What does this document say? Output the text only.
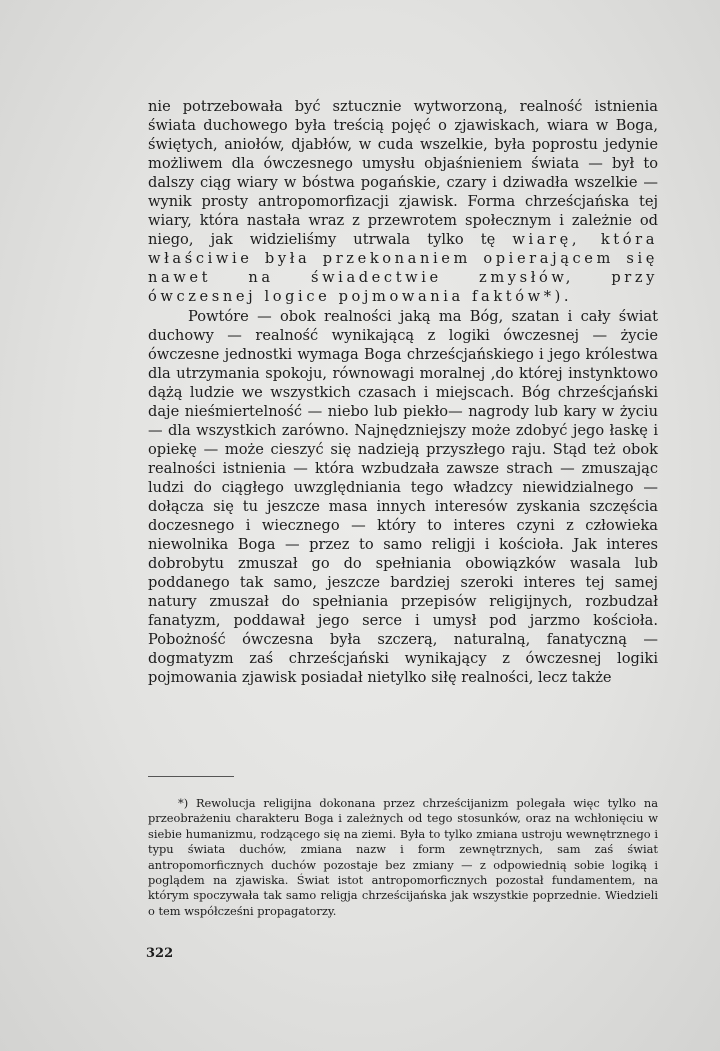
nie potrzebowała być sztucznie wytworzoną, realność istnienia świata duchowego była treścią pojęć o zjawiskach, wiara w Boga, świętych, aniołów, djabłów, w cuda wszelkie, była poprostu jedynie możliwem dla ówczesnego umysłu objaśnieniem świata — był to dalszy ciąg wiary w bóstwa pogańskie, czary i dziwadła wszelkie — wynik prosty antropomorfizacji zjawisk. Forma chrześcjańska tej wiary, która nastała wraz z przewrotem społecznym i zależnie od niego, jak widzieliśmy utrwala tylko tę wiarę, która właściwie była przekonaniem opierającem się nawet na świadectwie zmysłów, przy ówczesnej logice pojmowania faktów*).

Powtóre — obok realności jaką ma Bóg, szatan i cały świat duchowy — realność wynikającą z logiki ówczesnej — życie ówczesne jednostki wymaga Boga chrześcjańskiego i jego królestwa dla utrzymania spokoju, równowagi moralnej ,do której instynktowo dążą ludzie we wszystkich czasach i miejscach. Bóg chrześcjański daje nieśmiertelność — niebo lub piekło— nagrody lub kary w życiu — dla wszystkich zarówno. Najnędzniejszy może zdobyć jego łaskę i opiekę — może cieszyć się nadzieją przyszłego raju. Stąd też obok realności istnienia — która wzbudzała zawsze strach — zmuszając ludzi do ciągłego uwzględniania tego władzcy niewidzialnego — dołącza się tu jeszcze masa innych interesów zyskania szczęścia doczesnego i wiecznego — który to interes czyni z człowieka niewolnika Boga — przez to samo religji i kościoła. Jak interes dobrobytu zmuszał go do spełniania obowiązków wasala lub poddanego tak samo, jeszcze bardziej szeroki interes tej samej natury zmuszał do spełniania przepisów religijnych, rozbudzał fanatyzm, poddawał jego serce i umysł pod jarzmo kościoła. Pobożność ówczesna była szczerą, naturalną, fanatyczną — dogmatyzm zaś chrześcjański wynikający z ówczesnej logiki pojmowania zjawisk posiadał nietylko siłę realności, lecz także

*) Rewolucja religijna dokonana przez chrześcijanizm polegała więc tylko na przeobrażeniu charakteru Boga i zależnych od tego stosunków, oraz na wchłonięciu w siebie humanizmu, rodzącego się na ziemi. Była to tylko zmiana ustroju wewnętrznego i typu świata duchów, zmiana nazw i form zewnętrznych, sam zaś świat antropomorficznych duchów pozostaje bez zmiany — z odpowiednią sobie logiką i poglądem na zjawiska. Świat istot antropomorficznych pozostał fundamentem, na którym spoczywała tak samo religja chrześcijańska jak wszystkie poprzednie. Wiedzieli o tem współcześni propagatorzy.

322
